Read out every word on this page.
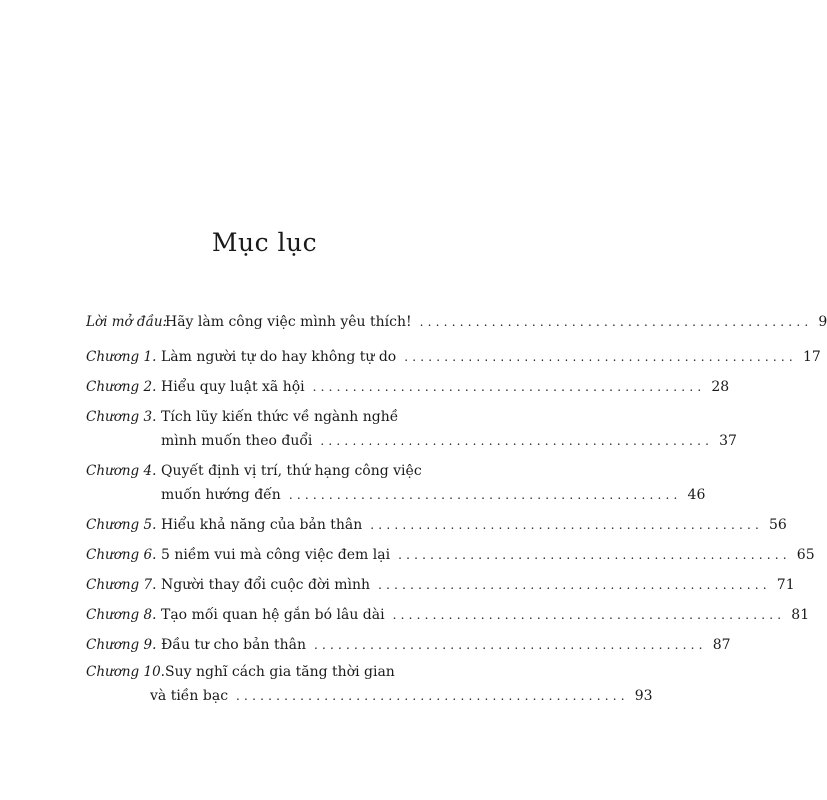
Mục lục
Lời mở đầu:
Hãy làm công việc mình yêu thích! ................................................. 9
Chương 1. Làm người tự do hay không tự do ................................................. 17
Chương 2. Hiểu quy luật xã hội ................................................. 28
Chương 3. Tích lũy kiến thức về ngành nghề
mình muốn theo đuổi ................................................. 37
Chương 4. Quyết định vị trí, thứ hạng công việc
muốn hướng đến ................................................. 46
Chương 5. Hiểu khả năng của bản thân ................................................. 56
Chương 6. 5 niềm vui mà công việc đem lại ................................................. 65
Chương 7. Người thay đổi cuộc đời mình ................................................. 71
Chương 8. Tạo mối quan hệ gắn bó lâu dài ................................................. 81
Chương 9. Đầu tư cho bản thân ................................................. 87
Chương 10. Suy nghĩ cách gia tăng thời gian
và tiền bạc ................................................. 93
